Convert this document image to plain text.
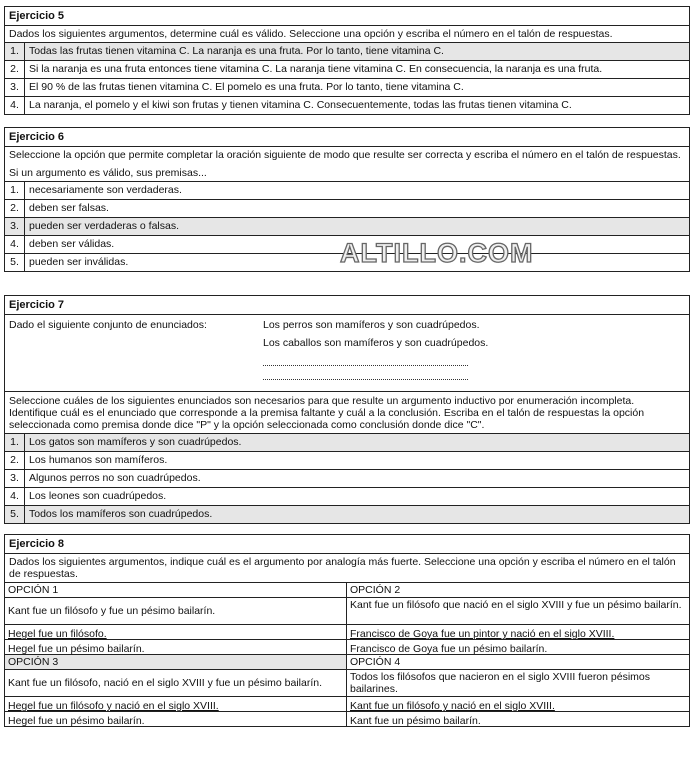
Ejercicio 5
Dados los siguientes argumentos, determine cuál es válido. Seleccione una opción y escriba el número en el talón de respuestas.
1. Todas las frutas tienen vitamina C. La naranja es una fruta. Por lo tanto, tiene vitamina C.
2. Si la naranja es una fruta entonces tiene vitamina C. La naranja tiene vitamina C. En consecuencia, la naranja es una fruta.
3. El 90 % de las frutas tienen vitamina C. El pomelo es una fruta. Por lo tanto, tiene vitamina C.
4. La naranja, el pomelo y el kiwi son frutas y tienen vitamina C. Consecuentemente, todas las frutas tienen vitamina C.
Ejercicio 6
Seleccione la opción que permite completar la oración siguiente de modo que resulte ser correcta y escriba el número en el talón de respuestas.
Si un argumento es válido, sus premisas...
1. necesariamente son verdaderas.
2. deben ser falsas.
3. pueden ser verdaderas o falsas.
4. deben ser válidas.
5. pueden ser inválidas.	ALTILLO.COM
Ejercicio 7
Dado el siguiente conjunto de enunciados:	Los perros son mamíferos y son cuadrúpedos.
Los caballos son mamíferos y son cuadrúpedos.
Seleccione cuáles de los siguientes enunciados son necesarios para que resulte un argumento inductivo por enumeración incompleta. Identifique cuál es el enunciado que corresponde a la premisa faltante y cuál a la conclusión. Escriba en el talón de respuestas la opción seleccionada como premisa donde dice "P" y la opción seleccionada como conclusión donde dice "C".
1. Los gatos son mamíferos y son cuadrúpedos.
2. Los humanos son mamíferos.
3. Algunos perros no son cuadrúpedos.
4. Los leones son cuadrúpedos.
5. Todos los mamíferos son cuadrúpedos.
Ejercicio 8
Dados los siguientes argumentos, indique cuál es el argumento por analogía más fuerte. Seleccione una opción y escriba el número en el talón de respuestas.
OPCIÓN 1	OPCIÓN 2
Kant fue un filósofo y fue un pésimo bailarín.	Kant fue un filósofo que nació en el siglo XVIII y fue un pésimo bailarín.
Hegel fue un filósofo.	Francisco de Goya fue un pintor y nació en el siglo XVIII.
Hegel fue un pésimo bailarín.	Francisco de Goya fue un pésimo bailarín.
OPCIÓN 3	OPCIÓN 4
Kant fue un filósofo, nació en el siglo XVIII y fue un pésimo bailarín.	Todos los filósofos que nacieron en el siglo XVIII fueron pésimos bailarines.
Hegel fue un filósofo y nació en el siglo XVIII.	Kant fue un filósofo y nació en el siglo XVIII.
Hegel fue un pésimo bailarín.	Kant fue un pésimo bailarín.
